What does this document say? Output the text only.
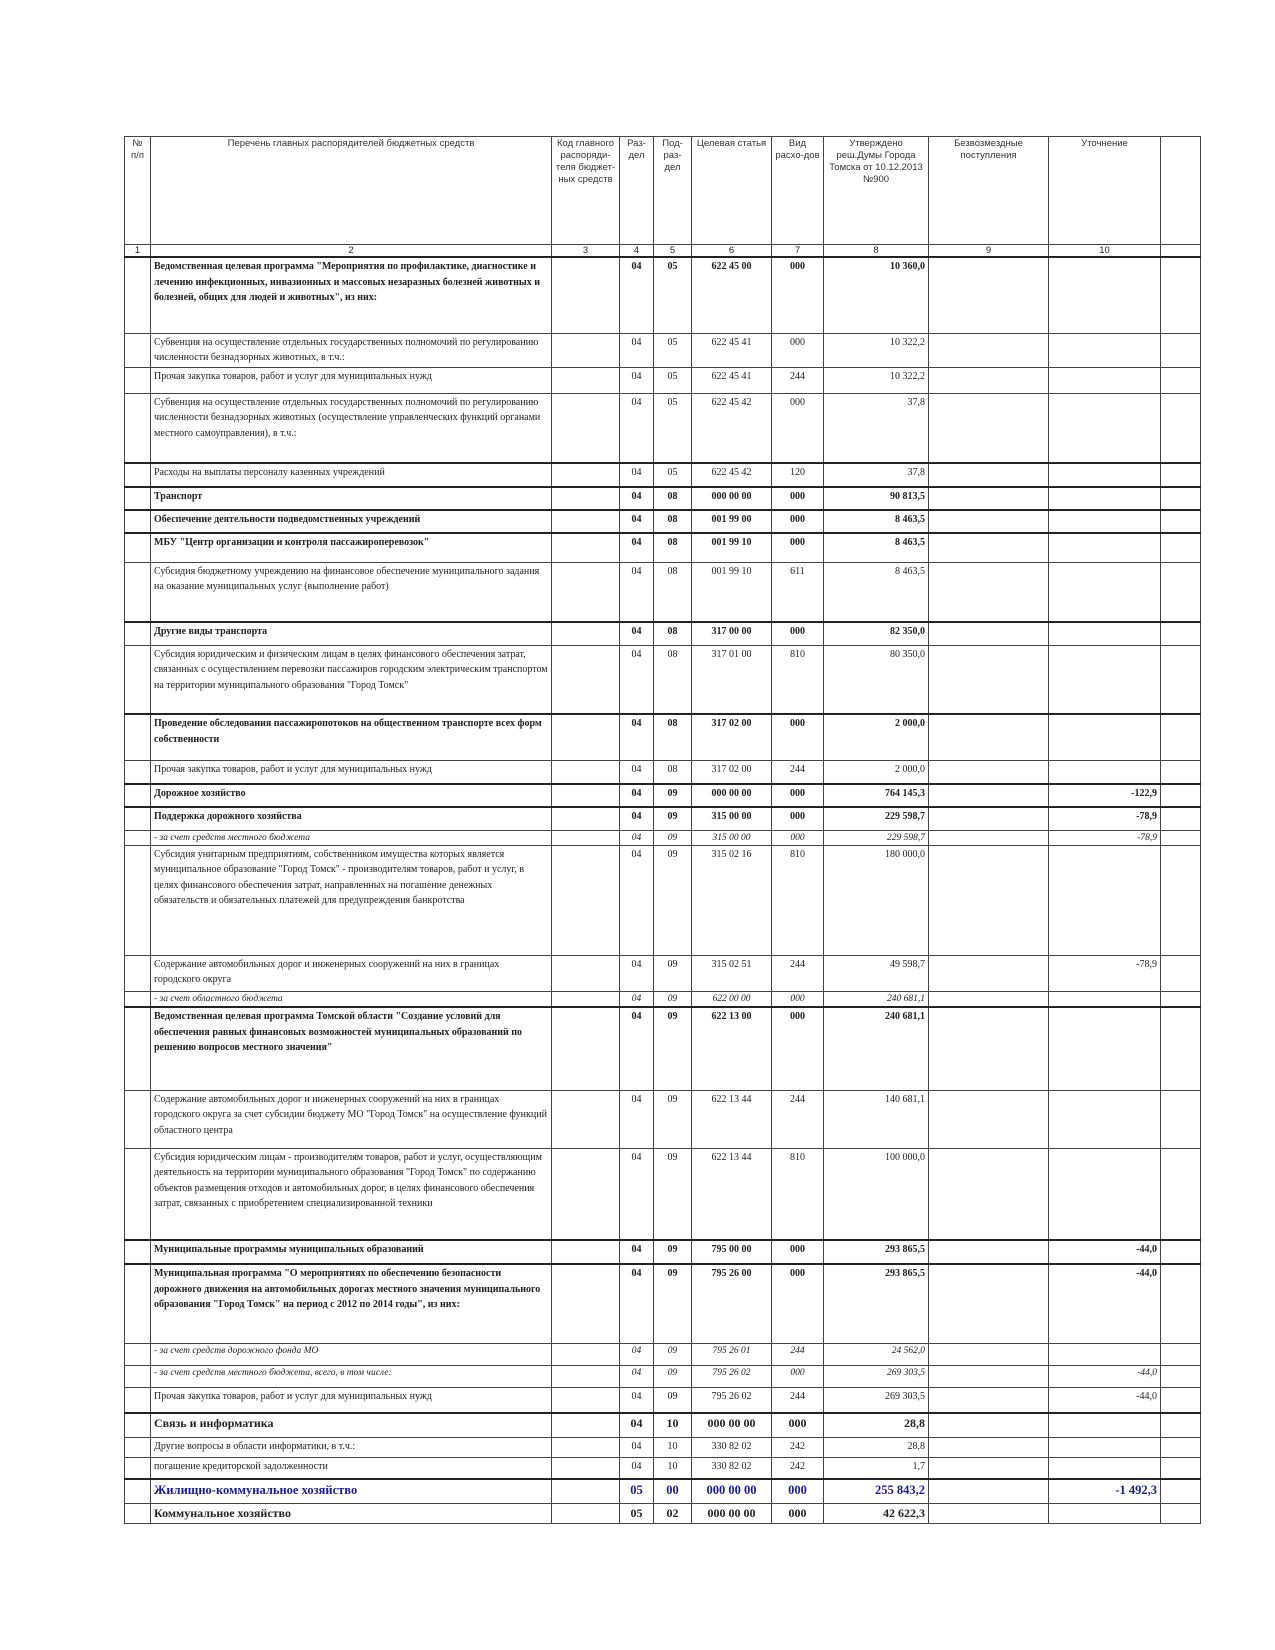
№ п/п	Перечень главных распорядителей бюджетных средств	Код главного распоряди-теля бюджет-ных средств	Раз-дел	Под-раз-дел	Целевая статья	Вид расхо-дов	Утверждено реш.Думы Города Томска от 10.12.2013 №900	Безвозмездные поступления	Уточнение	
1	2	3	4	5	6	7	8	9	10	
	Ведомственная целевая программа "Мероприятия по профилактике, диагностике и лечению инфекционных, инвазионных и массовых незаразных болезней животных и болезней, общих для людей и животных", из них:		04	05	622 45 00	000	10 360,0			
	Субвенция на осуществление отдельных государственных полномочий по регулированию численности безнадзорных животных, в т.ч.:		04	05	622 45 41	000	10 322,2			
	Прочая закупка товаров, работ и услуг для муниципальных нужд		04	05	622 45 41	244	10 322,2			
	Субвенция на осуществление отдельных государственных полномочий по регулированию численности безнадзорных животных (осуществление управленческих функций органами местного самоуправления), в т.ч.:		04	05	622 45 42	000	37,8			
	Расходы на выплаты персоналу казенных учреждений		04	05	622 45 42	120	37,8			
	Транспорт		04	08	000 00 00	000	90 813,5			
	Обеспечение деятельности подведомственных учреждений		04	08	001 99 00	000	8 463,5			
	МБУ "Центр организации и контроля пассажироперевозок"		04	08	001 99 10	000	8 463,5			
	Субсидия бюджетному учреждению на финансовое обеспечение муниципального задания на оказание муниципальных услуг (выполнение работ)		04	08	001 99 10	611	8 463,5			
	Другие виды транспорта		04	08	317 00 00	000	82 350,0			
	Субсидия юридическим и физическим лицам в целях финансового обеспечения затрат, связанных с осуществлением перевозки пассажиров городским электрическим транспортом на территории муниципального образования "Город Томск"		04	08	317 01 00	810	80 350,0			
	Проведение обследования пассажиропотоков на общественном транспорте всех форм собственности		04	08	317 02 00	000	2 000,0			
	Прочая закупка товаров, работ и услуг для муниципальных нужд		04	08	317 02 00	244	2 000,0			
	Дорожное хозяйство		04	09	000 00 00	000	764 145,3		-122,9	
	Поддержка дорожного хозяйства		04	09	315 00 00	000	229 598,7		-78,9	
	- за счет средств местного бюджета		04	09	315 00 00	000	229 598,7		-78,9	
	Субсидия унитарным предприятиям, собственником имущества которых является муниципальное образование "Город Томск" - производителям товаров, работ и услуг, в целях финансового обеспечения затрат, направленных на погашение денежных обязательств и обязательных платежей для предупреждения банкротства		04	09	315 02 16	810	180 000,0			
	Содержание автомобильных дорог и инженерных сооружений на них в границах городского округа		04	09	315 02 51	244	49 598,7		-78,9	
	- за счет областного бюджета		04	09	622 00 00	000	240 681,1			
	Ведомственная целевая программа Томской области "Создание условий для обеспечения равных финансовых возможностей муниципальных образований по решению вопросов местного значения"		04	09	622 13 00	000	240 681,1			
	Содержание автомобильных дорог и инженерных сооружений на них в границах городского округа за счет субсидии бюджету МО "Город Томск" на осуществление функций областного центра		04	09	622 13 44	244	140 681,1			
	Субсидия юридическим лицам - производителям товаров, работ и услуг, осуществляющим деятельность на территории муниципального образования "Город Томск" по содержанию объектов размещения отходов и автомобильных дорог, в целях финансового обеспечения затрат, связанных с приобретением специализированной техники		04	09	622 13 44	810	100 000,0			
	Муниципальные программы муниципальных образований		04	09	795 00 00	000	293 865,5		-44,0	
	Муниципальная программа "О мероприятиях по обеспечению безопасности дорожного движения на автомобильных дорогах местного значения муниципального образования "Город Томск" на период с 2012 по 2014 годы", из них:		04	09	795 26 00	000	293 865,5		-44,0	
	- за счет средств дорожного фонда МО		04	09	795 26 01	244	24 562,0			
	- за счет средств местного бюджета, всего, в том числе:		04	09	795 26 02	000	269 303,5		-44,0	
	Прочая закупка товаров, работ и услуг для муниципальных нужд		04	09	795 26 02	244	269 303,5		-44,0	
	Связь и информатика		04	10	000 00 00	000	28,8			
	Другие вопросы в области информатики, в т.ч.:		04	10	330 82 02	242	28,8			
	погашение кредиторской задолженности		04	10	330 82 02	242	1,7			
	Жилищно-коммунальное хозяйство		05	00	000 00 00	000	255 843,2		-1 492,3	
	Коммунальное хозяйство		05	02	000 00 00	000	42 622,3			
